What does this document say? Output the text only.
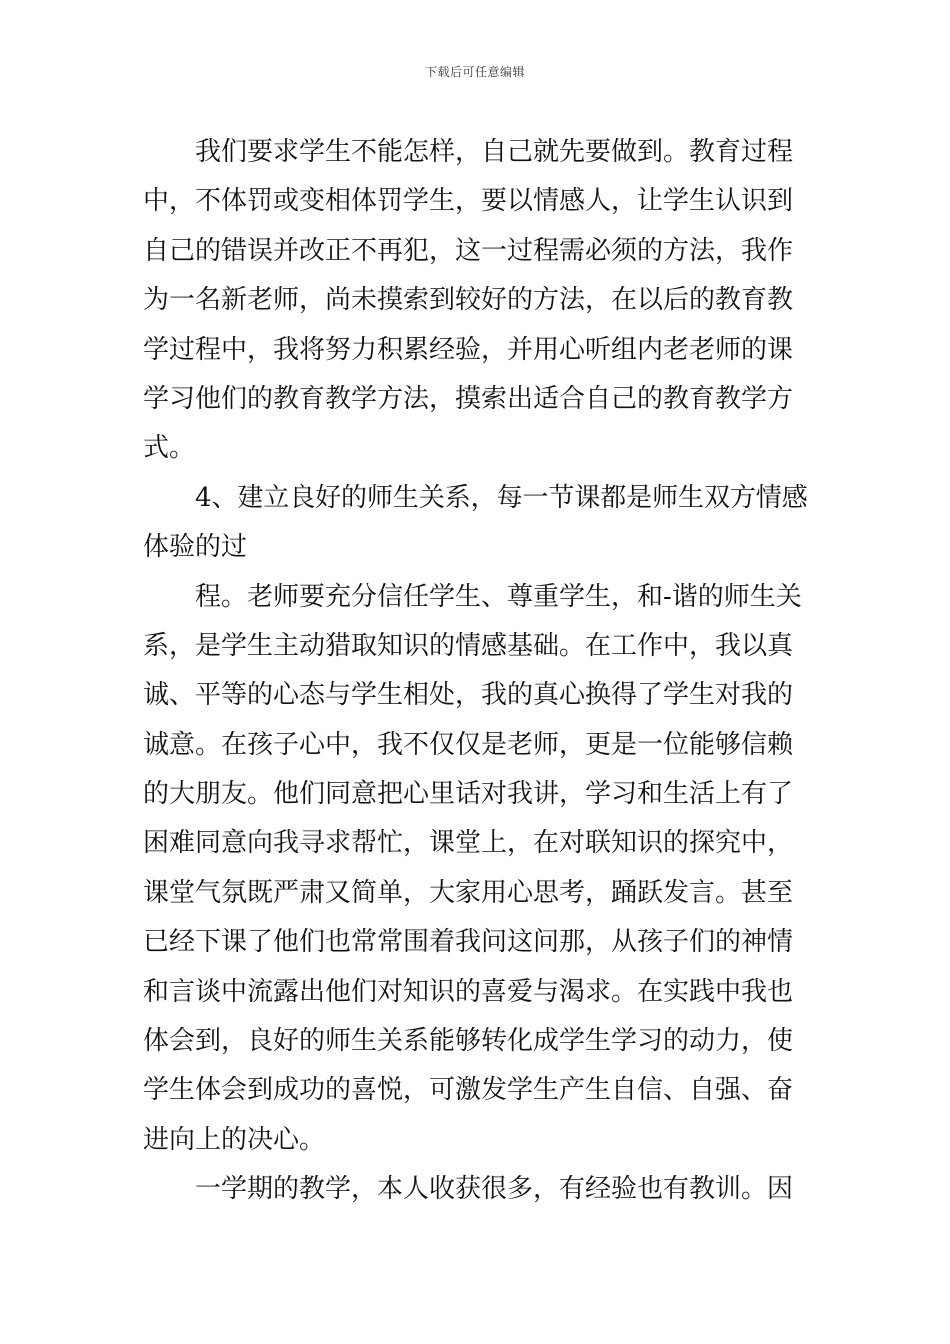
下载后可任意编辑
我们要求学生不能怎样，自己就先要做到。教育过程
中，不体罚或变相体罚学生，要以情感人，让学生认识到
自己的错误并改正不再犯，这一过程需必须的方法，我作
为一名新老师，尚未摸索到较好的方法，在以后的教育教
学过程中，我将努力积累经验，并用心听组内老老师的课
学习他们的教育教学方法，摸索出适合自己的教育教学方
式。
4、建立良好的师生关系，每一节课都是师生双方情感
体验的过
程。老师要充分信任学生、尊重学生，和-谐的师生关
系，是学生主动猎取知识的情感基础。在工作中，我以真
诚、平等的心态与学生相处，我的真心换得了学生对我的
诚意。在孩子心中，我不仅仅是老师，更是一位能够信赖
的大朋友。他们同意把心里话对我讲，学习和生活上有了
困难同意向我寻求帮忙，课堂上，在对联知识的探究中，
课堂气氛既严肃又简单，大家用心思考，踊跃发言。甚至
已经下课了他们也常常围着我问这问那，从孩子们的神情
和言谈中流露出他们对知识的喜爱与渴求。在实践中我也
体会到，良好的师生关系能够转化成学生学习的动力，使
学生体会到成功的喜悦，可激发学生产生自信、自强、奋
进向上的决心。
一学期的教学，本人收获很多，有经验也有教训。因
